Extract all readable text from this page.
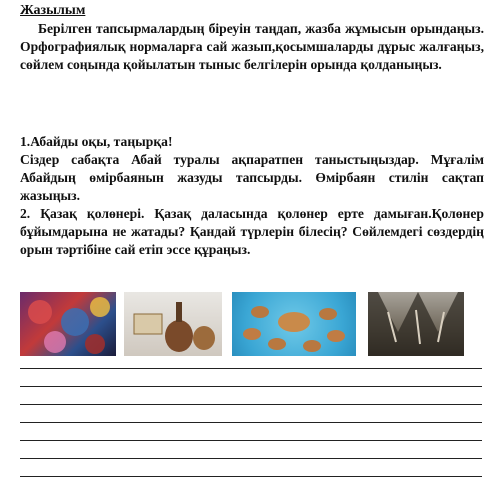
Жазылым
Берілген тапсырмалардың біреуін таңдап, жазба жұмысын орындаңыз. Орфографиялық нормаларға сай жазып,қосымшаларды дұрыс жалғаңыз, сөйлем соңында қойылатын тыныс белгілерін орында қолданыңыз.
1.Абайды оқы, таңырқа!
Сіздер сабақта Абай туралы ақпаратпен таныстыңыздар. Мұғалім Абайдың өмірбаянын жазуды тапсырды. Өмірбаян стилін сақтап жазыңыз.
2. Қазақ қолөнері. Қазақ даласында қолөнер ерте дамыған.Қолөнер бұйымдарына не жатады? Қандай түрлерін білесің? Сөйлемдегі сөздердің орын тәртібіне сай етіп эссе құраңыз.
